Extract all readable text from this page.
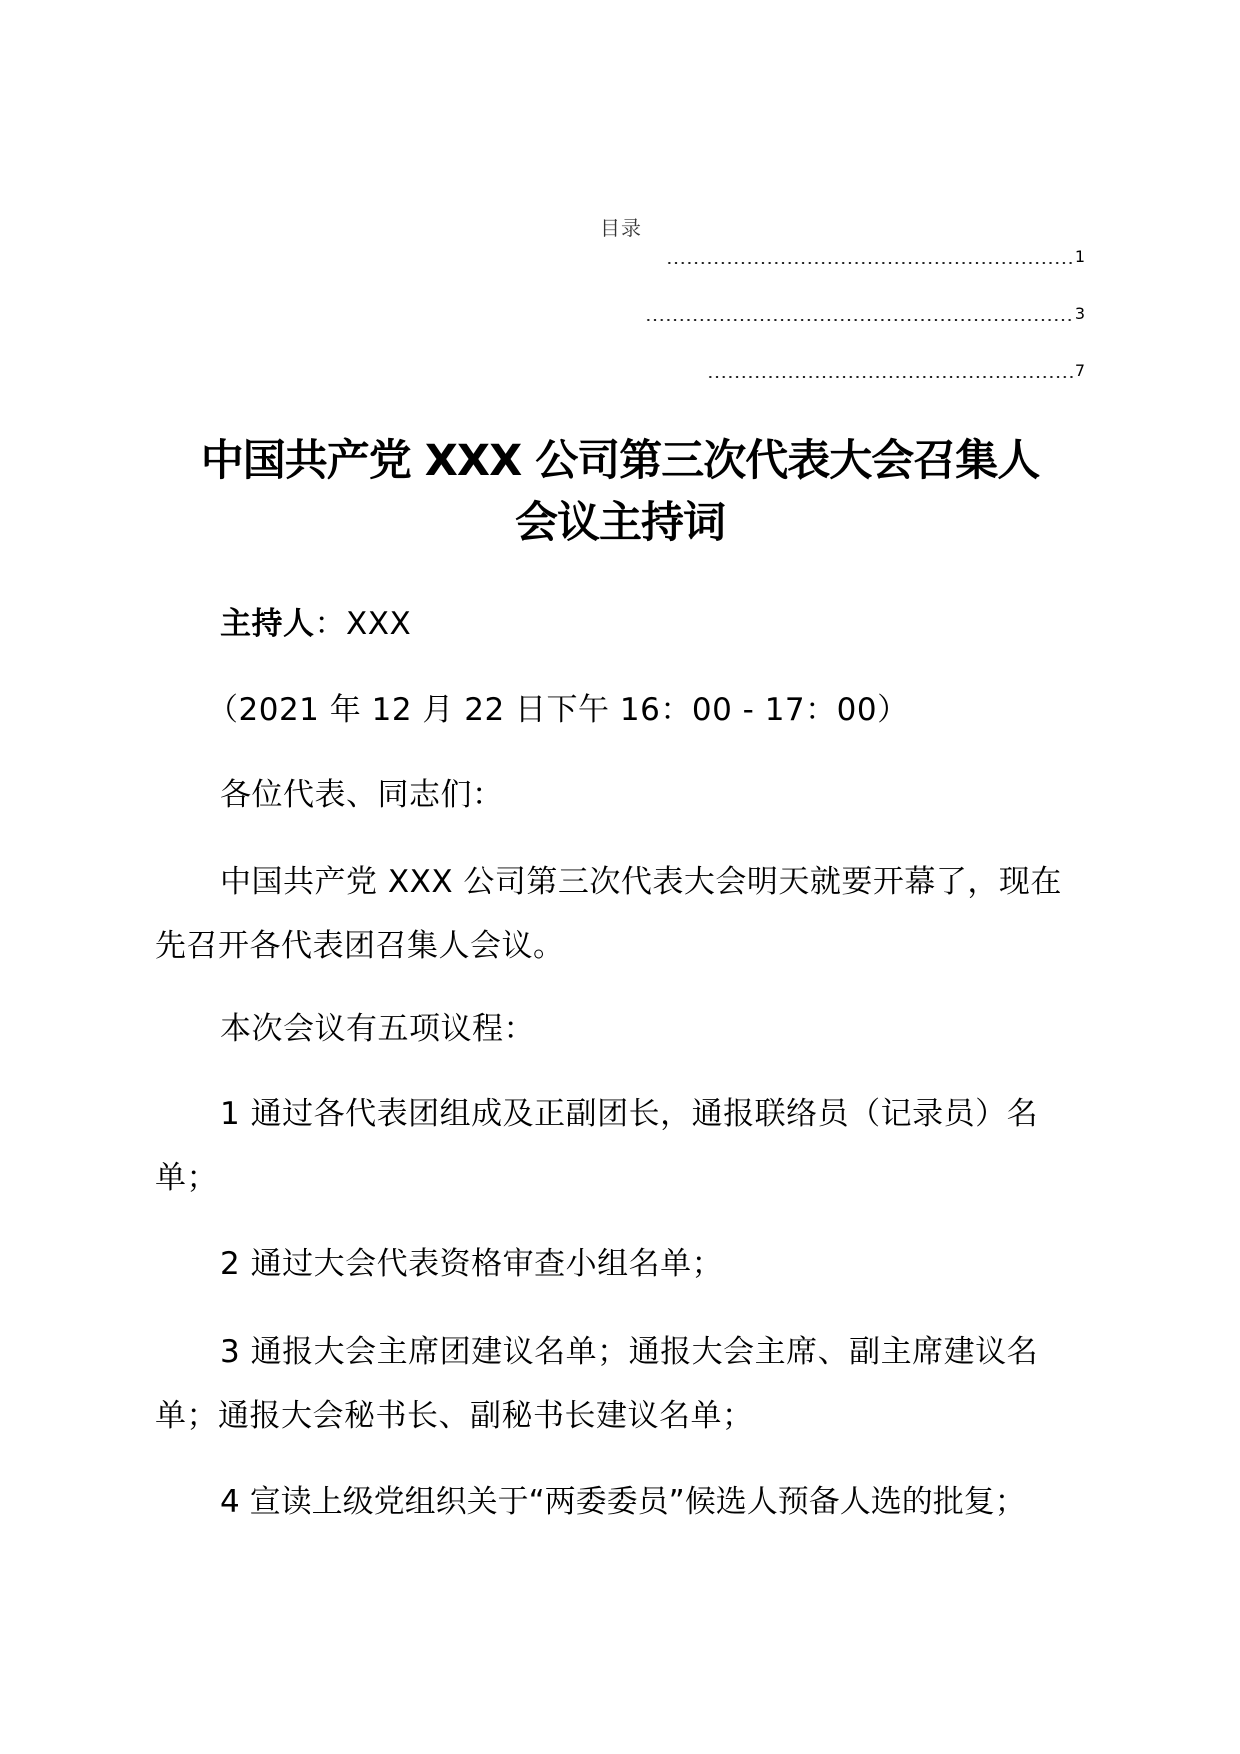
目录
1
3
7
中国共产党 XXX 公司第三次代表大会召集人
会议主持词

主持人：XXX

（2021 年 12 月 22 日下午 16：00 - 17：00）

各位代表、同志们：

中国共产党 XXX 公司第三次代表大会明天就要开幕了，现在先召开各代表团召集人会议。

本次会议有五项议程：

1 通过各代表团组成及正副团长，通报联络员（记录员）名单；

2 通过大会代表资格审查小组名单；

3 通报大会主席团建议名单；通报大会主席、副主席建议名单；通报大会秘书长、副秘书长建议名单；

4 宣读上级党组织关于“两委委员”候选人预备人选的批复；
